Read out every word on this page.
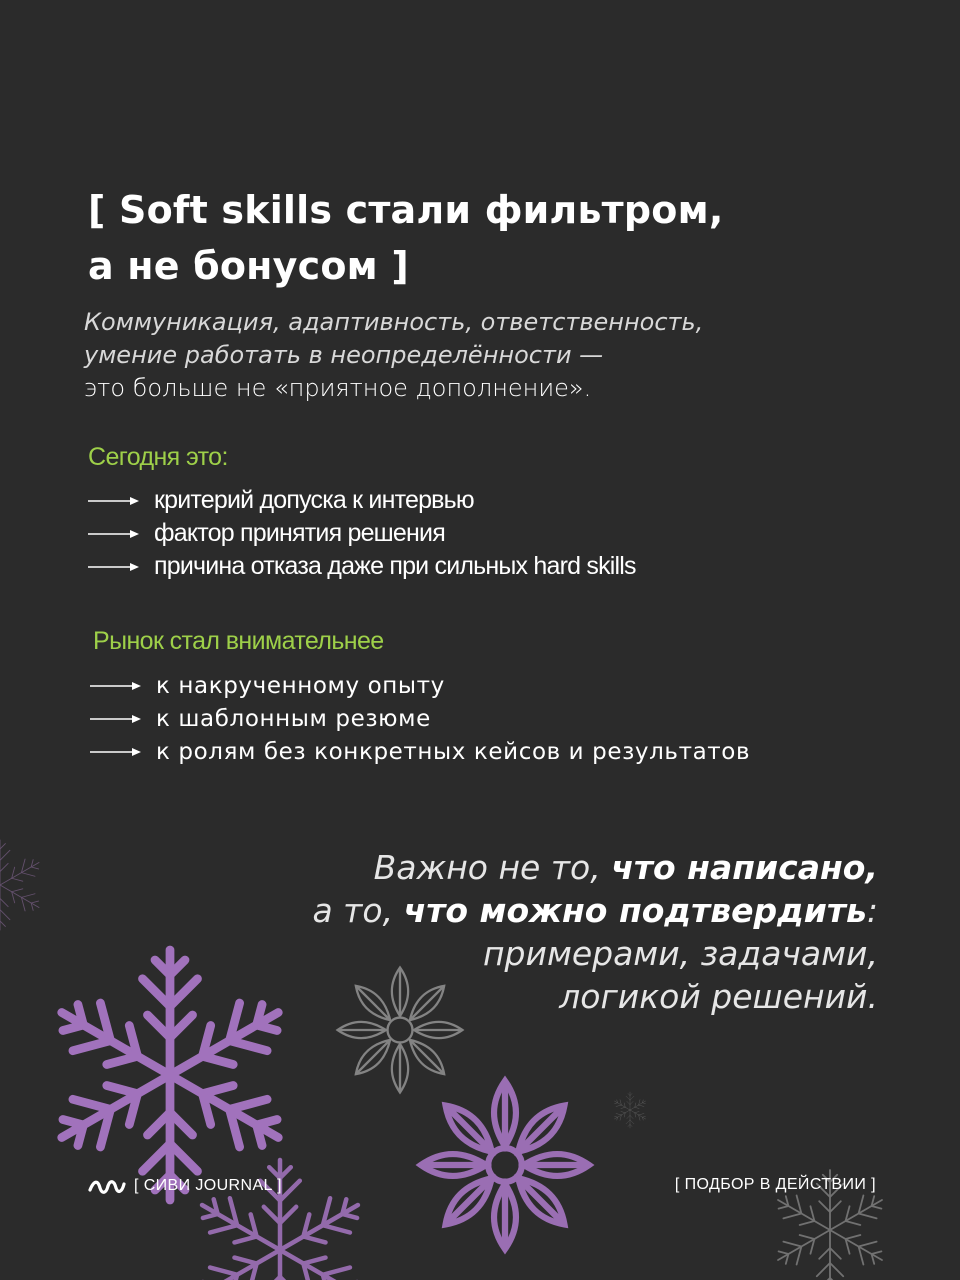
[ Soft skills стали фильтром,
а не бонусом ]
Коммуникация, адаптивность, ответственность,
умение работать в неопределённости —
это больше не «приятное дополнение».
Сегодня это:
критерий допуска к интервью
фактор принятия решения
причина отказа даже при сильных hard skills
Рынок стал внимательнее
к накрученному опыту
к шаблонным резюме
к ролям без конкретных кейсов и результатов
Важно не то, что написано,
а то, что можно подтвердить:
примерами, задачами,
логикой решений.
[ СИВИ JOURNAL ]	[ ПОДБОР В ДЕЙСТВИИ ]
